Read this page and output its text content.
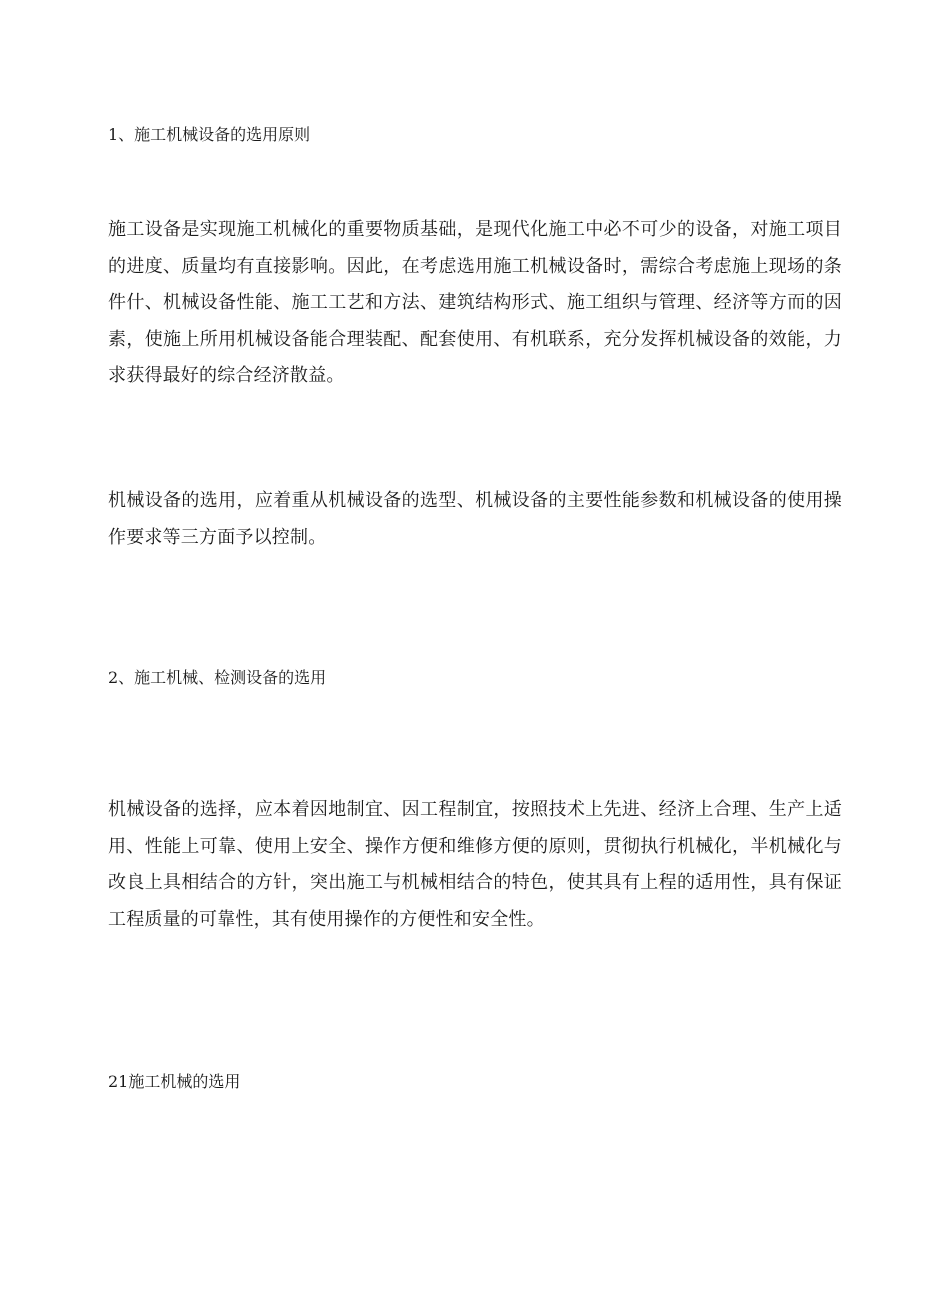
1、施工机械设备的选用原则
施工设备是实现施工机械化的重要物质基础，是现代化施工中必不可少的设备，对施工项目的进度、质量均有直接影响。因此，在考虑选用施工机械设备时，需综合考虑施上现场的条件什、机械设备性能、施工工艺和方法、建筑结构形式、施工组织与管理、经济等方而的因素，使施上所用机械设备能合理装配、配套使用、有机联系，充分发挥机械设备的效能，力求获得最好的综合经济散益。
机械设备的选用，应着重从机械设备的选型、机械设备的主要性能参数和机械设备的使用操作要求等三方面予以控制。
2、施工机械、检测设备的选用
机械设备的选择，应本着因地制宜、因工程制宜，按照技术上先进、经济上合理、生产上适用、性能上可靠、使用上安全、操作方便和维修方便的原则，贯彻执行机械化，半机械化与改良上具相结合的方针，突出施工与机械相结合的特色，使其具有上程的适用性，具有保证工程质量的可靠性，其有使用操作的方便性和安全性。
21施工机械的选用
